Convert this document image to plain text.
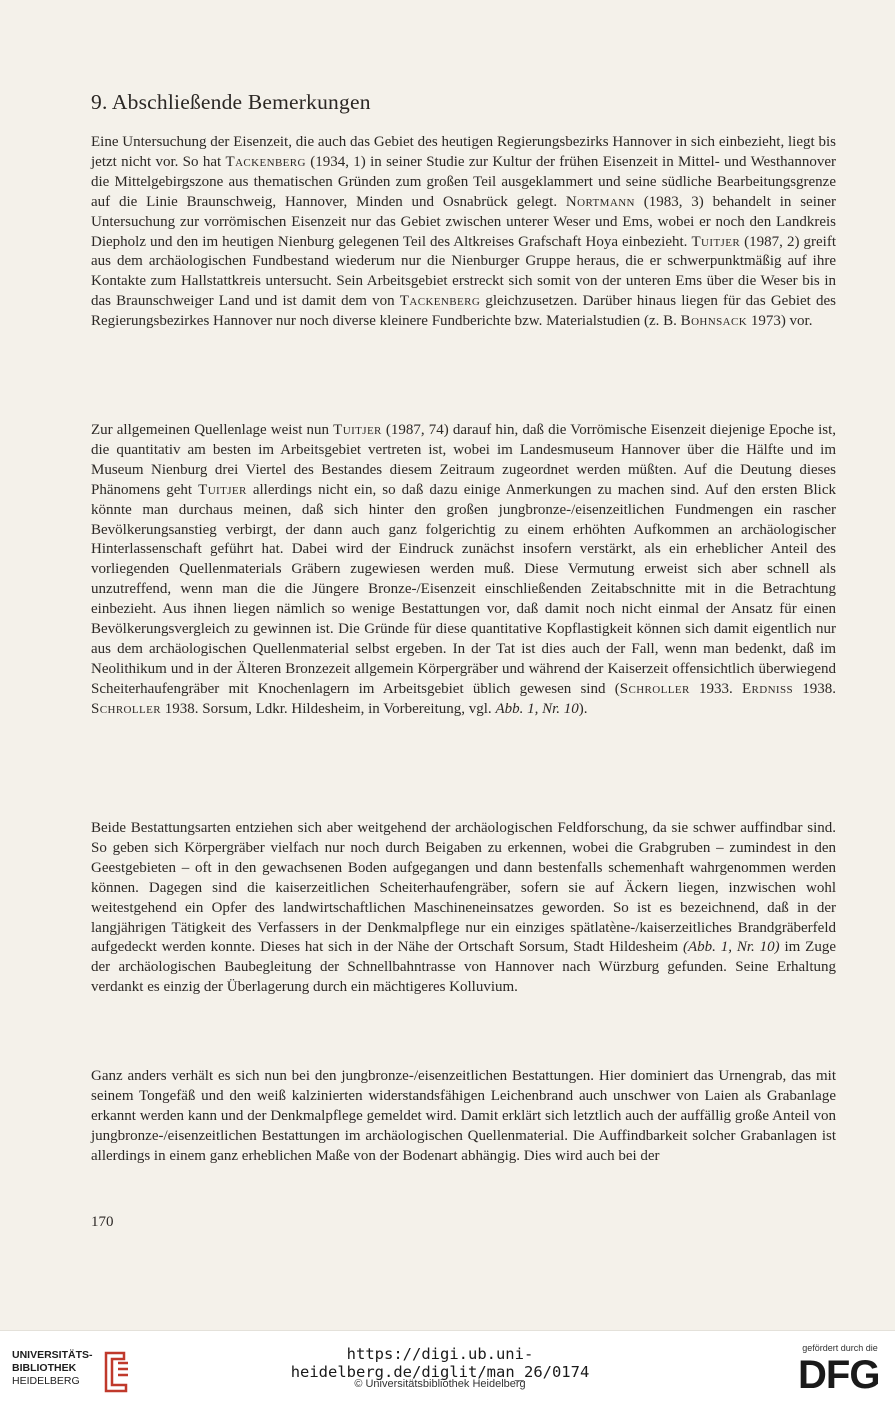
9. Abschließende Bemerkungen

Eine Untersuchung der Eisenzeit, die auch das Gebiet des heutigen Regierungsbezirks Hannover in sich einbezieht, liegt bis jetzt nicht vor. So hat Tackenberg (1934, 1) in seiner Studie zur Kultur der frühen Eisenzeit in Mittel- und Westhannover die Mittelgebirgszone aus thematischen Gründen zum großen Teil ausgeklammert und seine südliche Bearbeitungsgrenze auf die Linie Braunschweig, Hannover, Minden und Osnabrück gelegt. Nortmann (1983, 3) behandelt in seiner Untersuchung zur vorrömischen Eisenzeit nur das Gebiet zwischen unterer Weser und Ems, wobei er noch den Landkreis Diepholz und den im heutigen Nienburg gelegenen Teil des Altkreises Grafschaft Hoya einbezieht. Tuitjer (1987, 2) greift aus dem archäologischen Fundbestand wiederum nur die Nienburger Gruppe heraus, die er schwerpunktmäßig auf ihre Kontakte zum Hallstattkreis untersucht. Sein Arbeitsgebiet erstreckt sich somit von der unteren Ems über die Weser bis in das Braunschweiger Land und ist damit dem von Tackenberg gleichzusetzen. Darüber hinaus liegen für das Gebiet des Regierungsbezirkes Hannover nur noch diverse kleinere Fundberichte bzw. Materialstudien (z. B. Bohnsack 1973) vor.

Zur allgemeinen Quellenlage weist nun Tuitjer (1987, 74) darauf hin, daß die Vorrömische Eisenzeit diejenige Epoche ist, die quantitativ am besten im Arbeitsgebiet vertreten ist, wobei im Landesmuseum Hannover über die Hälfte und im Museum Nienburg drei Viertel des Bestandes diesem Zeitraum zugeordnet werden müßten. Auf die Deutung dieses Phänomens geht Tuitjer allerdings nicht ein, so daß dazu einige Anmerkungen zu machen sind. Auf den ersten Blick könnte man durchaus meinen, daß sich hinter den großen jungbronze-/eisenzeitlichen Fundmengen ein rascher Bevölkerungsanstieg verbirgt, der dann auch ganz folgerichtig zu einem erhöhten Aufkommen an archäologischer Hinterlassenschaft geführt hat. Dabei wird der Eindruck zunächst insofern verstärkt, als ein erheblicher Anteil des vorliegenden Quellenmaterials Gräbern zugewiesen werden muß. Diese Vermutung erweist sich aber schnell als unzutreffend, wenn man die die Jüngere Bronze-/Eisenzeit einschließenden Zeitabschnitte mit in die Betrachtung einbezieht. Aus ihnen liegen nämlich so wenige Bestattungen vor, daß damit noch nicht einmal der Ansatz für einen Bevölkerungsvergleich zu gewinnen ist. Die Gründe für diese quantitative Kopflastigkeit können sich damit eigentlich nur aus dem archäologischen Quellenmaterial selbst ergeben. In der Tat ist dies auch der Fall, wenn man bedenkt, daß im Neolithikum und in der Älteren Bronzezeit allgemein Körpergräber und während der Kaiserzeit offensichtlich überwiegend Scheiterhaufengräber mit Knochenlagern im Arbeitsgebiet üblich gewesen sind (Schroller 1933. Erdniss 1938. Schroller 1938. Sorsum, Ldkr. Hildesheim, in Vorbereitung, vgl. Abb. 1, Nr. 10).

Beide Bestattungsarten entziehen sich aber weitgehend der archäologischen Feldforschung, da sie schwer auffindbar sind. So geben sich Körpergräber vielfach nur noch durch Beigaben zu erkennen, wobei die Grabgruben – zumindest in den Geestgebieten – oft in den gewachsenen Boden aufgegangen und dann bestenfalls schemenhaft wahrgenommen werden können. Dagegen sind die kaiserzeitlichen Scheiterhaufengräber, sofern sie auf Äckern liegen, inzwischen wohl weitestgehend ein Opfer des landwirtschaftlichen Maschineneinsatzes geworden. So ist es bezeichnend, daß in der langjährigen Tätigkeit des Verfassers in der Denkmalpflege nur ein einziges spätlatène-/kaiserzeitliches Brandgräberfeld aufgedeckt werden konnte. Dieses hat sich in der Nähe der Ortschaft Sorsum, Stadt Hildesheim (Abb. 1, Nr. 10) im Zuge der archäologischen Baubegleitung der Schnellbahntrasse von Hannover nach Würzburg gefunden. Seine Erhaltung verdankt es einzig der Überlagerung durch ein mächtigeres Kolluvium.

Ganz anders verhält es sich nun bei den jungbronze-/eisenzeitlichen Bestattungen. Hier dominiert das Urnengrab, das mit seinem Tongefäß und den weiß kalzinierten widerstandsfähigen Leichenbrand auch unschwer von Laien als Grabanlage erkannt werden kann und der Denkmalpflege gemeldet wird. Damit erklärt sich letztlich auch der auffällig große Anteil von jungbronze-/eisenzeitlichen Bestattungen im archäologischen Quellenmaterial. Die Auffindbarkeit solcher Grabanlagen ist allerdings in einem ganz erheblichen Maße von der Bodenart abhängig. Dies wird auch bei der

170
UNIVERSITÄTS-
BIBLIOTHEK
HEIDELBERG
https://digi.ub.uni-heidelberg.de/diglit/man_26/0174
© Universitätsbibliothek Heidelberg
gefördert durch die
DFG
